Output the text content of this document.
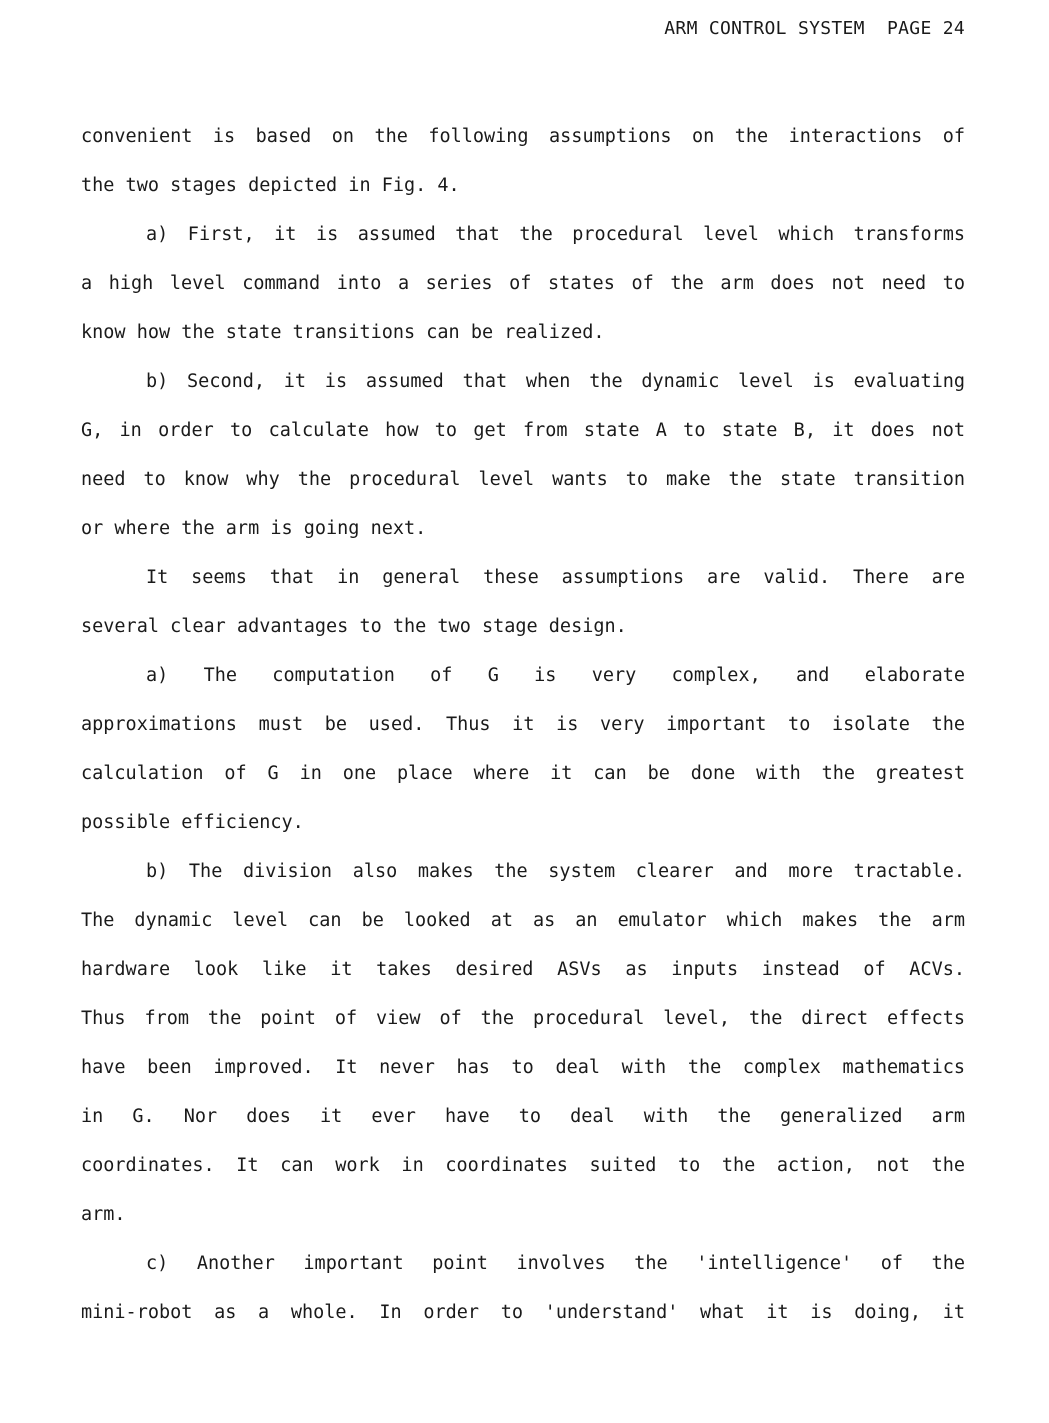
ARM CONTROL SYSTEM  PAGE 24
convenient is based on the following assumptions on the interactions of
the two stages depicted in Fig. 4.
a) First, it is assumed that the procedural level which transforms
a high level command into a series of states of the arm does not need to
know how the state transitions can be realized.
b) Second, it is assumed that when the dynamic level is evaluating
G, in order to calculate how to get from state A to state B, it does not
need to know why the procedural level wants to make the state transition
or where the arm is going next.
It seems that in general these assumptions are valid. There are
several clear advantages to the two stage design.
a) The computation of G is very complex, and elaborate
approximations must be used. Thus it is very important to isolate the
calculation of G in one place where it can be done with the greatest
possible efficiency.
b) The division also makes the system clearer and more tractable.
The dynamic level can be looked at as an emulator which makes the arm
hardware look like it takes desired ASVs as inputs instead of ACVs.
Thus from the point of view of the procedural level, the direct effects
have been improved. It never has to deal with the complex mathematics
in G. Nor does it ever have to deal with the generalized arm
coordinates. It can work in coordinates suited to the action, not the
arm.
c) Another important point involves the 'intelligence' of the
mini-robot as a whole. In order to 'understand' what it is doing, it
